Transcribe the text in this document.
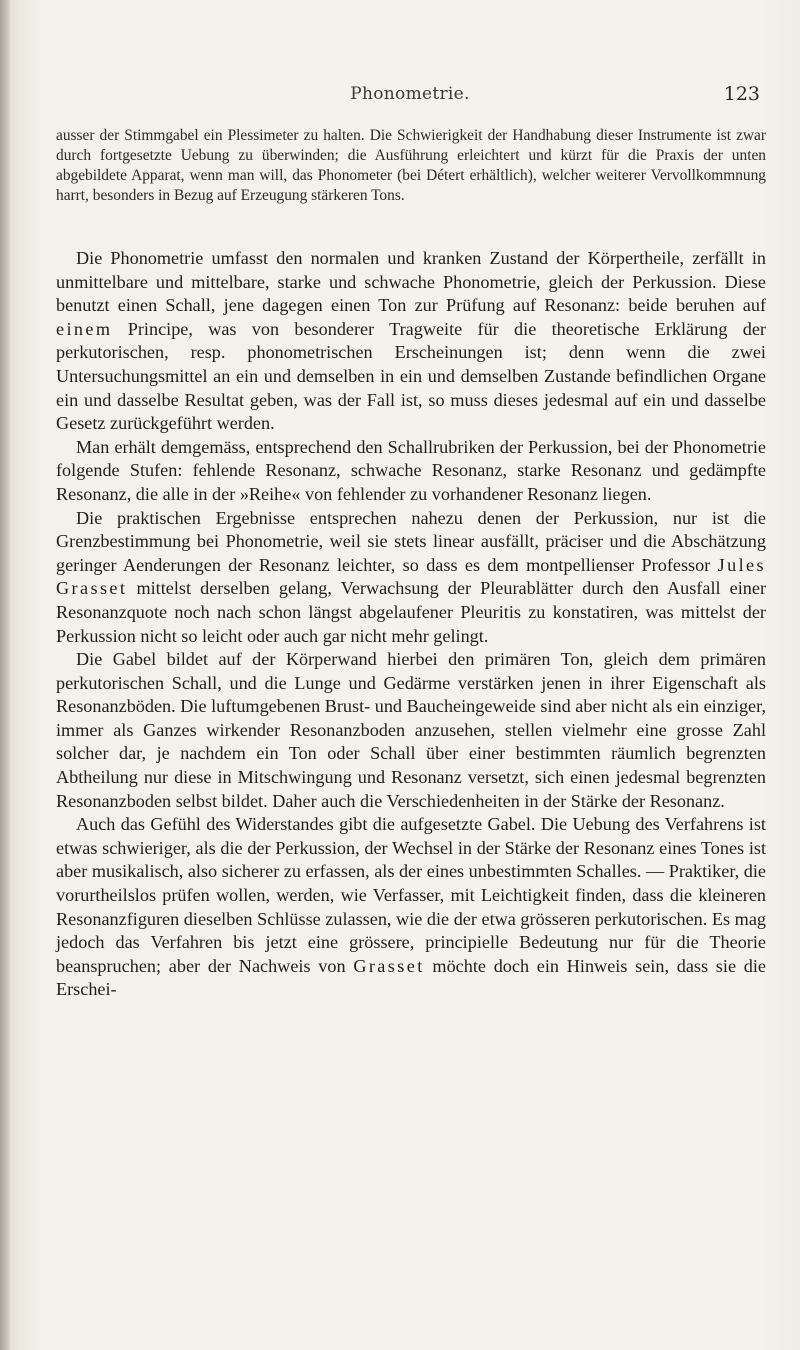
Phonometrie.	123

ausser der Stimmgabel ein Plessimeter zu halten. Die Schwierigkeit der Handhabung dieser Instrumente ist zwar durch fortgesetzte Uebung zu überwinden; die Ausführung erleichtert und kürzt für die Praxis der unten abgebildete Apparat, wenn man will, das Phonometer (bei Détert erhältlich), welcher weiterer Vervollkommnung harrt, besonders in Bezug auf Erzeugung stärkeren Tons.

Die Phonometrie umfasst den normalen und kranken Zustand der Körpertheile, zerfällt in unmittelbare und mittelbare, starke und schwache Phonometrie, gleich der Perkussion. Diese benutzt einen Schall, jene dagegen einen Ton zur Prüfung auf Resonanz: beide beruhen auf einem Principe, was von besonderer Tragweite für die theoretische Erklärung der perkutorischen, resp. phonometrischen Erscheinungen ist; denn wenn die zwei Untersuchungsmittel an ein und demselben in ein und demselben Zustande befindlichen Organe ein und dasselbe Resultat geben, was der Fall ist, so muss dieses jedesmal auf ein und dasselbe Gesetz zurückgeführt werden.

Man erhält demgemäss, entsprechend den Schallrubriken der Perkussion, bei der Phonometrie folgende Stufen: fehlende Resonanz, schwache Resonanz, starke Resonanz und gedämpfte Resonanz, die alle in der »Reihe« von fehlender zu vorhandener Resonanz liegen.

Die praktischen Ergebnisse entsprechen nahezu denen der Perkussion, nur ist die Grenzbestimmung bei Phonometrie, weil sie stets linear ausfällt, präciser und die Abschätzung geringer Aenderungen der Resonanz leichter, so dass es dem montpellienser Professor Jules Grasset mittelst derselben gelang, Verwachsung der Pleurablätter durch den Ausfall einer Resonanzquote noch nach schon längst abgelaufener Pleuritis zu konstatiren, was mittelst der Perkussion nicht so leicht oder auch gar nicht mehr gelingt.

Die Gabel bildet auf der Körperwand hierbei den primären Ton, gleich dem primären perkutorischen Schall, und die Lunge und Gedärme verstärken jenen in ihrer Eigenschaft als Resonanzböden. Die luftumgebenen Brust- und Baucheingeweide sind aber nicht als ein einziger, immer als Ganzes wirkender Resonanzboden anzusehen, stellen vielmehr eine grosse Zahl solcher dar, je nachdem ein Ton oder Schall über einer bestimmten räumlich begrenzten Abtheilung nur diese in Mitschwingung und Resonanz versetzt, sich einen jedesmal begrenzten Resonanzboden selbst bildet. Daher auch die Verschiedenheiten in der Stärke der Resonanz.

Auch das Gefühl des Widerstandes gibt die aufgesetzte Gabel. Die Uebung des Verfahrens ist etwas schwieriger, als die der Perkussion, der Wechsel in der Stärke der Resonanz eines Tones ist aber musikalisch, also sicherer zu erfassen, als der eines unbestimmten Schalles. — Praktiker, die vorurtheilslos prüfen wollen, werden, wie Verfasser, mit Leichtigkeit finden, dass die kleineren Resonanzfiguren dieselben Schlüsse zulassen, wie die der etwa grösseren perkutorischen. Es mag jedoch das Verfahren bis jetzt eine grössere, principielle Bedeutung nur für die Theorie beanspruchen; aber der Nachweis von Grasset möchte doch ein Hinweis sein, dass sie die Erschei-
